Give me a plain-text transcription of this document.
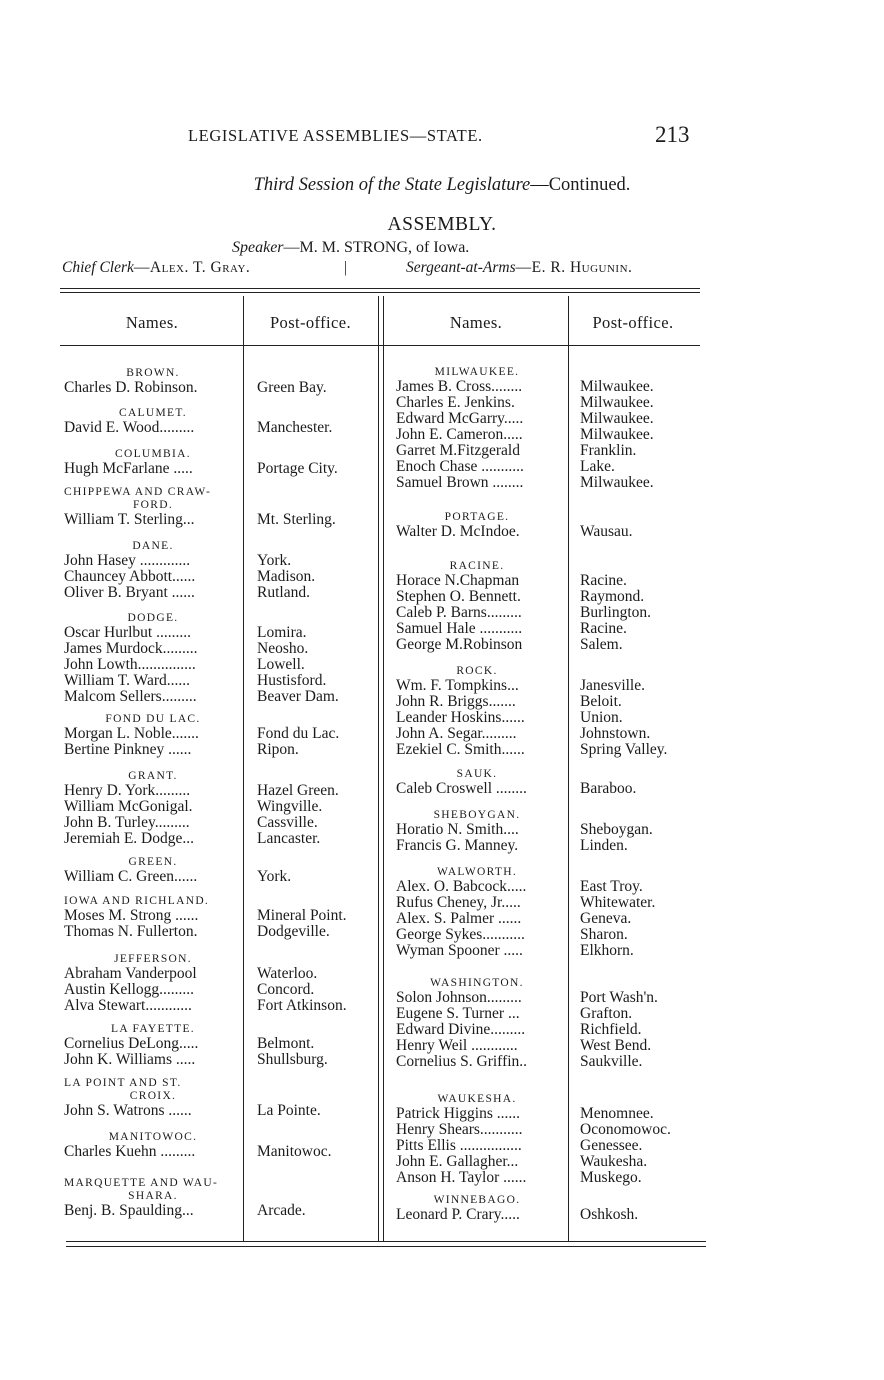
LEGISLATIVE ASSEMBLIES—STATE.	213
Third Session of the State Legislature—Continued.
ASSEMBLY.
Speaker—M. M. STRONG, of Iowa.
Chief Clerk—Alex. T. Gray.	|	Sergeant-at-Arms—E. R. Hugunin.
Names.	Post-office.	Names.	Post-office.
BROWN.
Charles D. Robinson.	Green Bay.
CALUMET.
David E. Wood.........	Manchester.
COLUMBIA.
Hugh McFarlane .....	Portage City.
CHIPPEWA AND CRAW-
FORD.
William T. Sterling...	Mt. Sterling.
DANE.
John Hasey .............	York.
Chauncey Abbott......	Madison.
Oliver B. Bryant ......	Rutland.
DODGE.
Oscar Hurlbut .........	Lomira.
James Murdock.........	Neosho.
John Lowth...............	Lowell.
William T. Ward......	Hustisford.
Malcom Sellers.........	Beaver Dam.
FOND DU LAC.
Morgan L. Noble.......	Fond du Lac.
Bertine Pinkney ......	Ripon.
GRANT.
Henry D. York.........	Hazel Green.
William McGonigal.	Wingville.
John B. Turley.........	Cassville.
Jeremiah E. Dodge...	Lancaster.
GREEN.
William C. Green......	York.
IOWA AND RICHLAND.
Moses M. Strong ......	Mineral Point.
Thomas N. Fullerton.	Dodgeville.
JEFFERSON.
Abraham Vanderpool	Waterloo.
Austin Kellogg.........	Concord.
Alva Stewart............	Fort Atkinson.
LA FAYETTE.
Cornelius DeLong.....	Belmont.
John K. Williams .....	Shullsburg.
LA POINT AND ST.
CROIX.
John S. Watrons ......	La Pointe.
MANITOWOC.
Charles Kuehn .........	Manitowoc.
MARQUETTE AND WAU-
SHARA.
Benj. B. Spaulding...	Arcade.
MILWAUKEE.
James B. Cross........	Milwaukee.
Charles E. Jenkins.	Milwaukee.
Edward McGarry.....	Milwaukee.
John E. Cameron.....	Milwaukee.
Garret M.Fitzgerald	Franklin.
Enoch Chase ...........	Lake.
Samuel Brown ........	Milwaukee.
PORTAGE.
Walter D. McIndoe.	Wausau.
RACINE.
Horace N.Chapman	Racine.
Stephen O. Bennett.	Raymond.
Caleb P. Barns.........	Burlington.
Samuel Hale ...........	Racine.
George M.Robinson	Salem.
ROCK.
Wm. F. Tompkins...	Janesville.
John R. Briggs.......	Beloit.
Leander Hoskins......	Union.
John A. Segar.........	Johnstown.
Ezekiel C. Smith......	Spring Valley.
SAUK.
Caleb Croswell ........	Baraboo.
SHEBOYGAN.
Horatio N. Smith....	Sheboygan.
Francis G. Manney.	Linden.
WALWORTH.
Alex. O. Babcock.....	East Troy.
Rufus Cheney, Jr.....	Whitewater.
Alex. S. Palmer ......	Geneva.
George Sykes...........	Sharon.
Wyman Spooner .....	Elkhorn.
WASHINGTON.
Solon Johnson.........	Port Wash'n.
Eugene S. Turner ...	Grafton.
Edward Divine.........	Richfield.
Henry Weil ............	West Bend.
Cornelius S. Griffin..	Saukville.
WAUKESHA.
Patrick Higgins ......	Menomnee.
Henry Shears...........	Oconomowoc.
Pitts Ellis ................	Genessee.
John E. Gallagher...	Waukesha.
Anson H. Taylor ......	Muskego.
WINNEBAGO.
Leonard P. Crary.....	Oshkosh.
